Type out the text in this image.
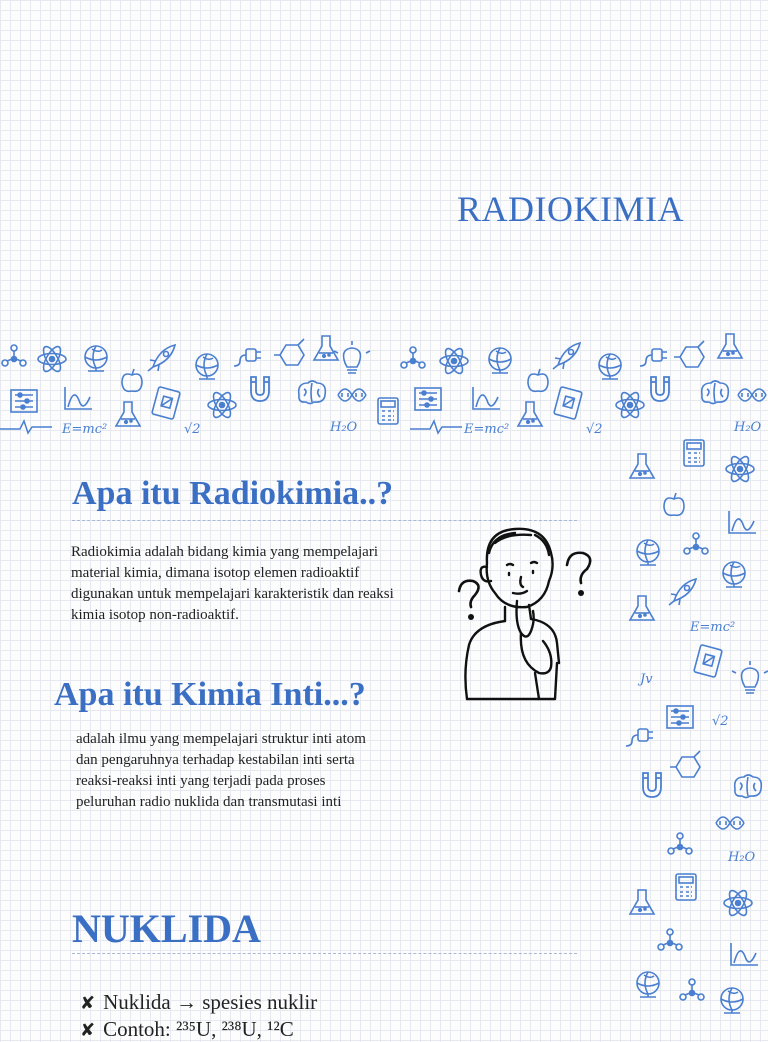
RADIOKIMIA
E=mc²	√2	H₂O	E=mc²	√2	H₂O
Apa itu Radiokimia..?

Radiokimia adalah bidang kimia yang mempelajari material kimia, dimana isotop elemen radioaktif digunakan untuk mempelajari karakteristik dan reaksi kimia isotop non-radioaktif.

Apa itu Kimia Inti...?

adalah ilmu yang mempelajari struktur inti atom dan pengaruhnya terhadap kestabilan inti serta reaksi-reaksi inti yang terjadi pada proses peluruhan radio nuklida dan transmutasi inti

E=mc²
√2
H₂O
Jv
NUKLIDA
✘ Nuklida → spesies nuklir
✘ Contoh: ²³⁵U, ²³⁸U, ¹²C
